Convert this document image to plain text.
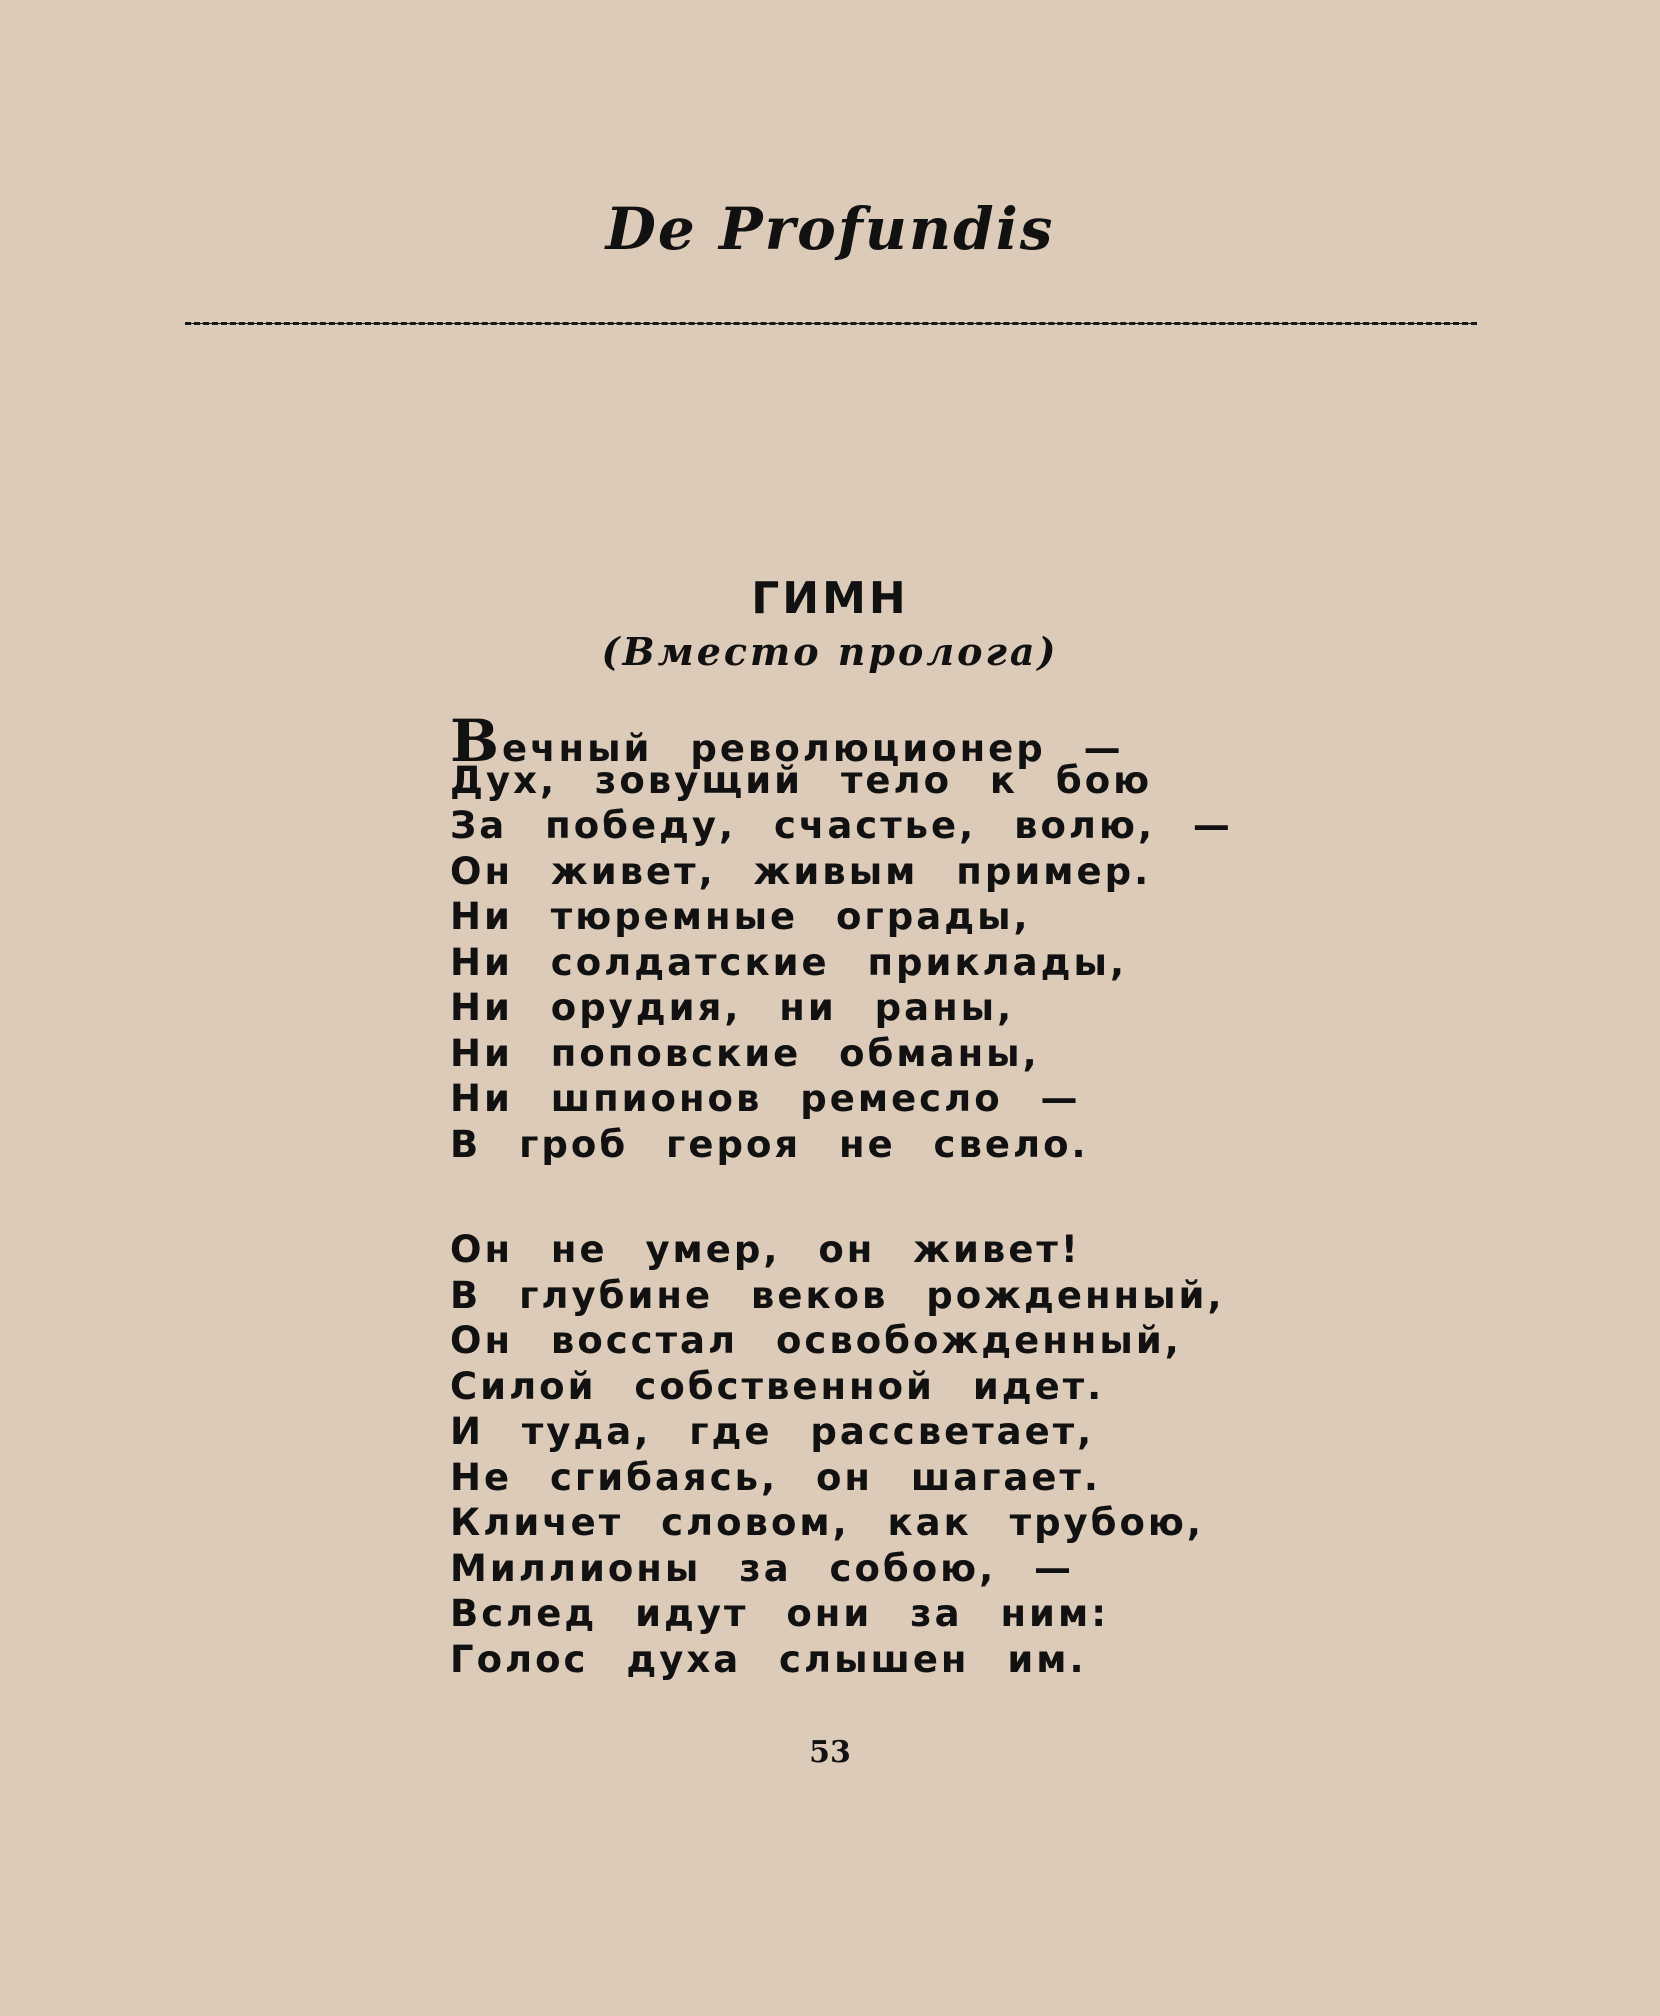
De Profundis
ГИМН

(Вместо пролога)

Вечный революционер —
Дух, зовущий тело к бою
За победу, счастье, волю, —
Он живет, живым пример.
Ни тюремные ограды,
Ни солдатские приклады,
Ни орудия, ни раны,
Ни поповские обманы,
Ни шпионов ремесло —
В гроб героя не свело.
Он не умер, он живет!
В глубине веков рожденный,
Он восстал освобожденный,
Силой собственной идет.
И туда, где рассветает,
Не сгибаясь, он шагает.
Кличет словом, как трубою,
Миллионы за собою, —
Вслед идут они за ним:
Голос духа слышен им.

53
